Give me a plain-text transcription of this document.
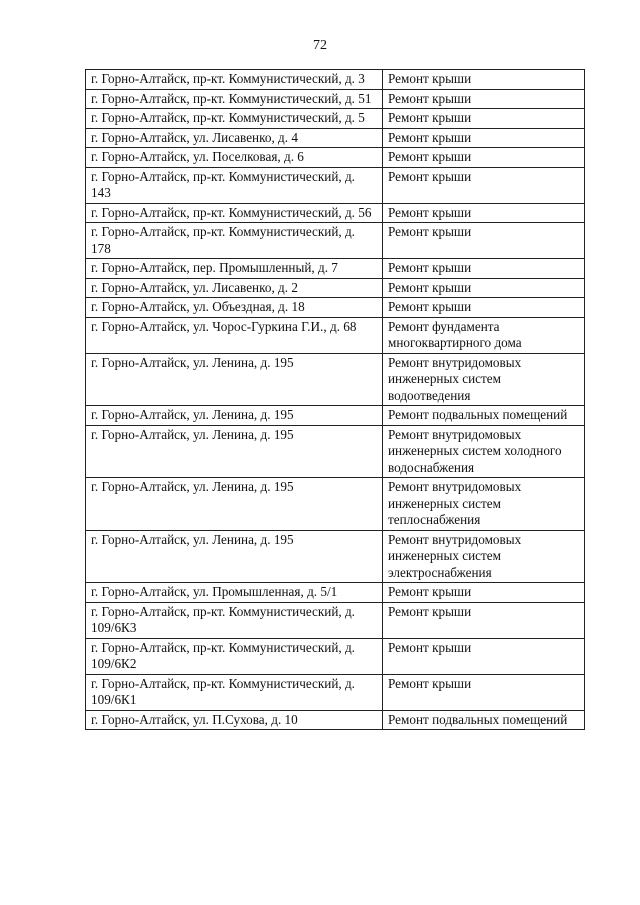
72
г. Горно-Алтайск, пр-кт. Коммунистический, д. 3	Ремонт крыши
г. Горно-Алтайск, пр-кт. Коммунистический, д. 51	Ремонт крыши
г. Горно-Алтайск, пр-кт. Коммунистический, д. 5	Ремонт крыши
г. Горно-Алтайск, ул. Лисавенко, д. 4	Ремонт крыши
г. Горно-Алтайск, ул. Поселковая, д. 6	Ремонт крыши
г. Горно-Алтайск, пр-кт. Коммунистический, д. 143	Ремонт крыши
г. Горно-Алтайск, пр-кт. Коммунистический, д. 56	Ремонт крыши
г. Горно-Алтайск, пр-кт. Коммунистический, д. 178	Ремонт крыши
г. Горно-Алтайск, пер. Промышленный, д. 7	Ремонт крыши
г. Горно-Алтайск, ул. Лисавенко, д. 2	Ремонт крыши
г. Горно-Алтайск, ул. Объездная, д. 18	Ремонт крыши
г. Горно-Алтайск, ул. Чорос-Гуркина Г.И., д. 68	Ремонт фундамента многоквартирного дома
г. Горно-Алтайск, ул. Ленина, д. 195	Ремонт внутридомовых инженерных систем водоотведения
г. Горно-Алтайск, ул. Ленина, д. 195	Ремонт подвальных помещений
г. Горно-Алтайск, ул. Ленина, д. 195	Ремонт внутридомовых инженерных систем холодного водоснабжения
г. Горно-Алтайск, ул. Ленина, д. 195	Ремонт внутридомовых инженерных систем теплоснабжения
г. Горно-Алтайск, ул. Ленина, д. 195	Ремонт внутридомовых инженерных систем электроснабжения
г. Горно-Алтайск, ул. Промышленная, д. 5/1	Ремонт крыши
г. Горно-Алтайск, пр-кт. Коммунистический, д. 109/6К3	Ремонт крыши
г. Горно-Алтайск, пр-кт. Коммунистический, д. 109/6К2	Ремонт крыши
г. Горно-Алтайск, пр-кт. Коммунистический, д. 109/6К1	Ремонт крыши
г. Горно-Алтайск, ул. П.Сухова, д. 10	Ремонт подвальных помещений
